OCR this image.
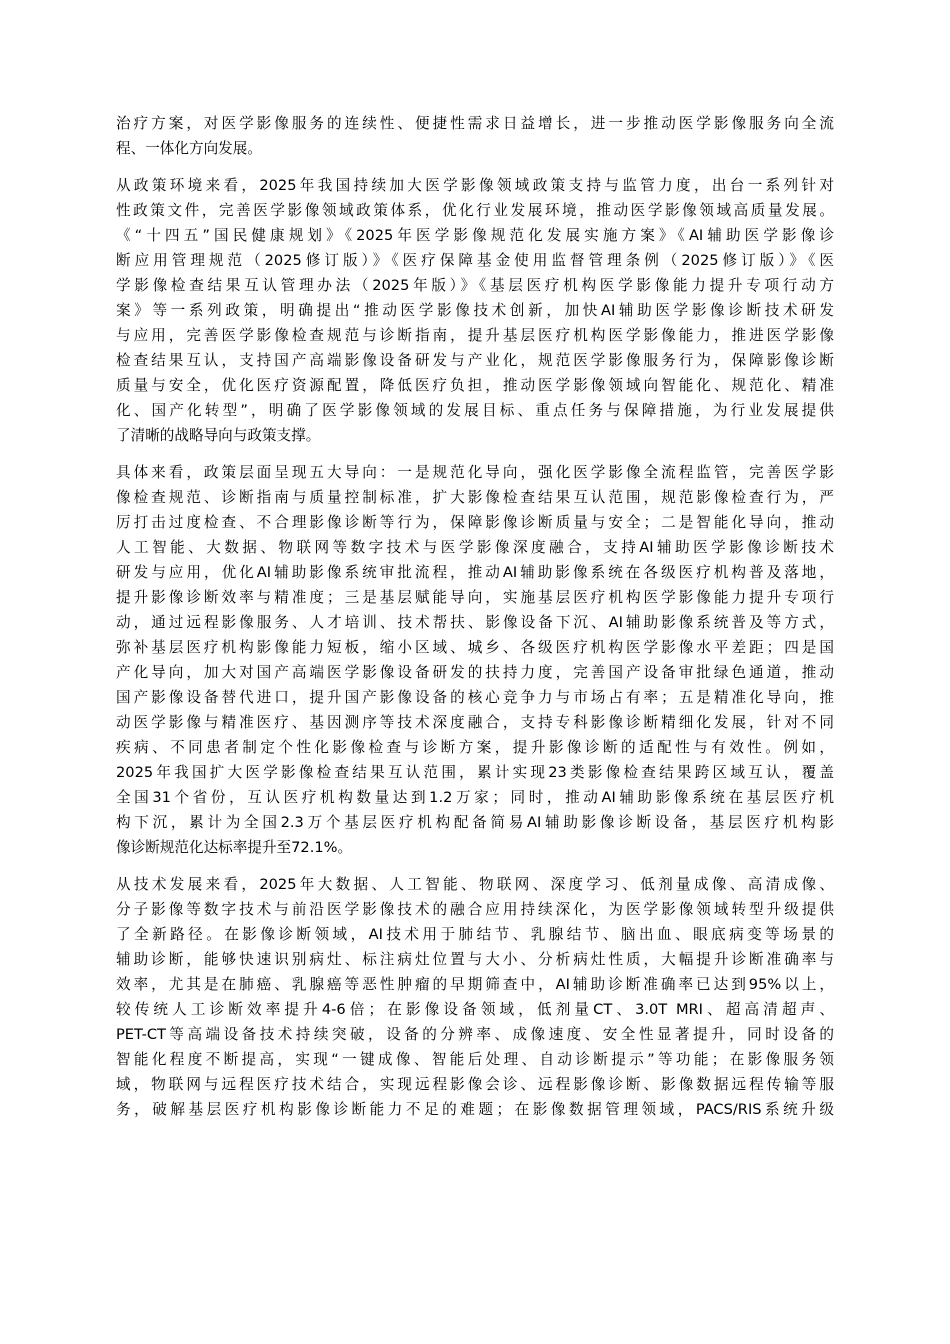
治疗方案，对医学影像服务的连续性、便捷性需求日益增长，进一步推动医学影像服务向全流
程、一体化方向发展。

从政策环境来看，2025年我国持续加大医学影像领域政策支持与监管力度，出台一系列针对
性政策文件，完善医学影像领域政策体系，优化行业发展环境，推动医学影像领域高质量发展。
《“十四五”国民健康规划》《2025年医学影像规范化发展实施方案》《AI辅助医学影像诊
断应用管理规范（2025修订版）》《医疗保障基金使用监督管理条例（2025修订版）》《医
学影像检查结果互认管理办法（2025年版）》《基层医疗机构医学影像能力提升专项行动方
案》等一系列政策，明确提出“推动医学影像技术创新，加快AI辅助医学影像诊断技术研发
与应用，完善医学影像检查规范与诊断指南，提升基层医疗机构医学影像能力，推进医学影像
检查结果互认，支持国产高端影像设备研发与产业化，规范医学影像服务行为，保障影像诊断
质量与安全，优化医疗资源配置，降低医疗负担，推动医学影像领域向智能化、规范化、精准
化、国产化转型”，明确了医学影像领域的发展目标、重点任务与保障措施，为行业发展提供
了清晰的战略导向与政策支撑。

具体来看，政策层面呈现五大导向：一是规范化导向，强化医学影像全流程监管，完善医学影
像检查规范、诊断指南与质量控制标准，扩大影像检查结果互认范围，规范影像检查行为，严
厉打击过度检查、不合理影像诊断等行为，保障影像诊断质量与安全；二是智能化导向，推动
人工智能、大数据、物联网等数字技术与医学影像深度融合，支持AI辅助医学影像诊断技术
研发与应用，优化AI辅助影像系统审批流程，推动AI辅助影像系统在各级医疗机构普及落地，
提升影像诊断效率与精准度；三是基层赋能导向，实施基层医疗机构医学影像能力提升专项行
动，通过远程影像服务、人才培训、技术帮扶、影像设备下沉、AI辅助影像系统普及等方式，
弥补基层医疗机构影像能力短板，缩小区域、城乡、各级医疗机构医学影像水平差距；四是国
产化导向，加大对国产高端医学影像设备研发的扶持力度，完善国产设备审批绿色通道，推动
国产影像设备替代进口，提升国产影像设备的核心竞争力与市场占有率；五是精准化导向，推
动医学影像与精准医疗、基因测序等技术深度融合，支持专科影像诊断精细化发展，针对不同
疾病、不同患者制定个性化影像检查与诊断方案，提升影像诊断的适配性与有效性。例如，
2025年我国扩大医学影像检查结果互认范围，累计实现23类影像检查结果跨区域互认，覆盖
全国31个省份，互认医疗机构数量达到1.2万家；同时，推动AI辅助影像系统在基层医疗机
构下沉，累计为全国2.3万个基层医疗机构配备简易AI辅助影像诊断设备，基层医疗机构影
像诊断规范化达标率提升至72.1%。

从技术发展来看，2025年大数据、人工智能、物联网、深度学习、低剂量成像、高清成像、
分子影像等数字技术与前沿医学影像技术的融合应用持续深化，为医学影像领域转型升级提供
了全新路径。在影像诊断领域，AI技术用于肺结节、乳腺结节、脑出血、眼底病变等场景的
辅助诊断，能够快速识别病灶、标注病灶位置与大小、分析病灶性质，大幅提升诊断准确率与
效率，尤其是在肺癌、乳腺癌等恶性肿瘤的早期筛查中，AI辅助诊断准确率已达到95%以上，
较传统人工诊断效率提升4-6倍；在影像设备领域，低剂量CT、3.0T MRI、超高清超声、
PET-CT等高端设备技术持续突破，设备的分辨率、成像速度、安全性显著提升，同时设备的
智能化程度不断提高，实现“一键成像、智能后处理、自动诊断提示”等功能；在影像服务领
域，物联网与远程医疗技术结合，实现远程影像会诊、远程影像诊断、影像数据远程传输等服
务，破解基层医疗机构影像诊断能力不足的难题；在影像数据管理领域，PACS/RIS系统升级
